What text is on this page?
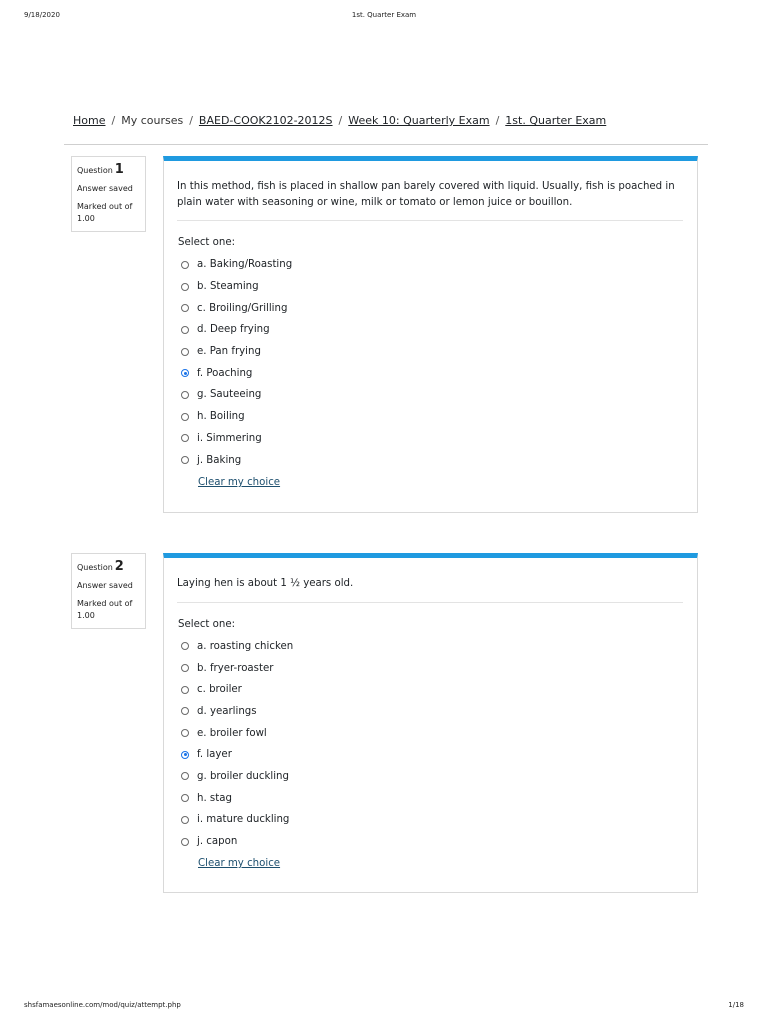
9/18/2020	1st. Quarter Exam
Home / My courses / BAED-COOK2102-2012S / Week 10: Quarterly Exam / 1st. Quarter Exam
Question 1
Answer saved
Marked out of 1.00
In this method, fish is placed in shallow pan barely covered with liquid. Usually, fish is poached in plain water with seasoning or wine, milk or tomato or lemon juice or bouillon.
Select one:
a. Baking/Roasting
b. Steaming
c. Broiling/Grilling
d. Deep frying
e. Pan frying
f. Poaching
g. Sauteeing
h. Boiling
i. Simmering
j. Baking
Clear my choice
Question 2
Answer saved
Marked out of 1.00
Laying hen is about 1 ½ years old.
Select one:
a. roasting chicken
b. fryer-roaster
c. broiler
d. yearlings
e. broiler fowl
f. layer
g. broiler duckling
h. stag
i. mature duckling
j. capon
Clear my choice
shsfamaesonline.com/mod/quiz/attempt.php	1/18
